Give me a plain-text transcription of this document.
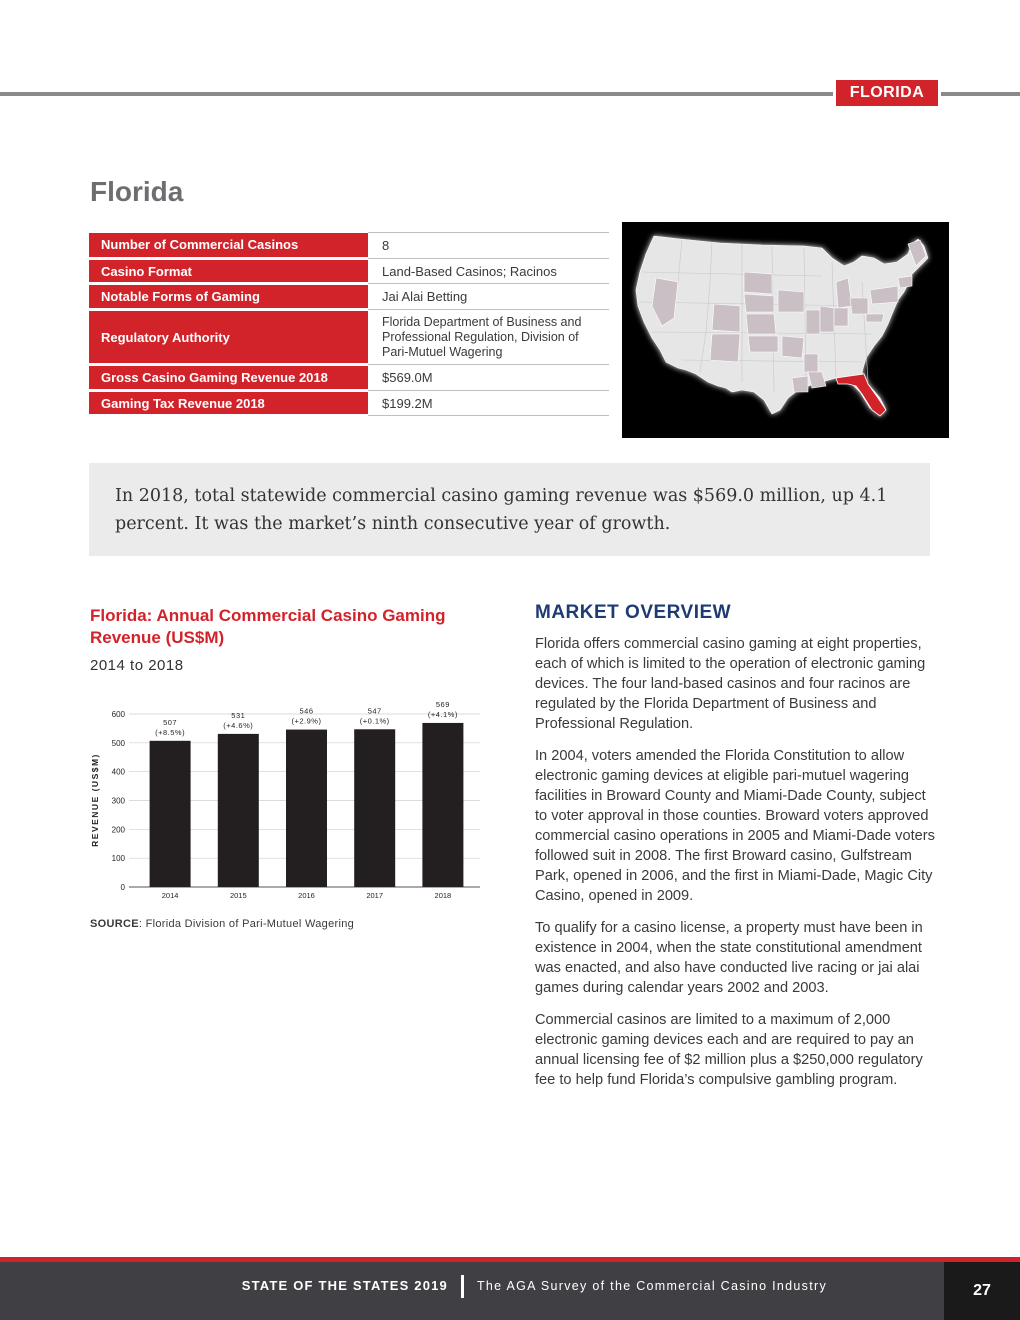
FLORIDA
Florida
Number of Commercial Casinos	8
Casino Format	Land-Based Casinos; Racinos
Notable Forms of Gaming	Jai Alai Betting
Regulatory Authority	Florida Department of Business and Professional Regulation, Division of Pari-Mutuel Wagering
Gross Casino Gaming Revenue 2018	$569.0M
Gaming Tax Revenue 2018	$199.2M

In 2018, total statewide commercial casino gaming revenue was $569.0 million, up 4.1 percent. It was the market’s ninth consecutive year of growth.

Florida: Annual Commercial Casino Gaming Revenue (US$M)
2014 to 2018
0
100
200
300
400
500
600
2014
507
(+8.5%)
2015
531
(+4.6%)
2016
546
(+2.9%)
2017
547
(+0.1%)
2018
569
(+4.1%)
REVENUE (US$M)
SOURCE: Florida Division of Pari-Mutuel Wagering
MARKET OVERVIEW

Florida offers commercial casino gaming at eight properties, each of which is limited to the operation of electronic gaming devices. The four land-based casinos and four racinos are regulated by the Florida Department of Business and Professional Regulation.

In 2004, voters amended the Florida Constitution to allow electronic gaming devices at eligible pari-mutuel wagering facilities in Broward County and Miami-Dade County, subject to voter approval in those counties. Broward voters approved commercial casino operations in 2005 and Miami-Dade voters followed suit in 2008. The first Broward casino, Gulfstream Park, opened in 2006, and the first in Miami-Dade, Magic City Casino, opened in 2009.

To qualify for a casino license, a property must have been in existence in 2004, when the state constitutional amendment was enacted, and also have conducted live racing or jai alai games during calendar years 2002 and 2003.

Commercial casinos are limited to a maximum of 2,000 electronic gaming devices each and are required to pay an annual licensing fee of $2 million plus a $250,000 regulatory fee to help fund Florida’s compulsive gambling program.

STATE OF THE STATES 2019 The AGA Survey of the Commercial Casino Industry	27
